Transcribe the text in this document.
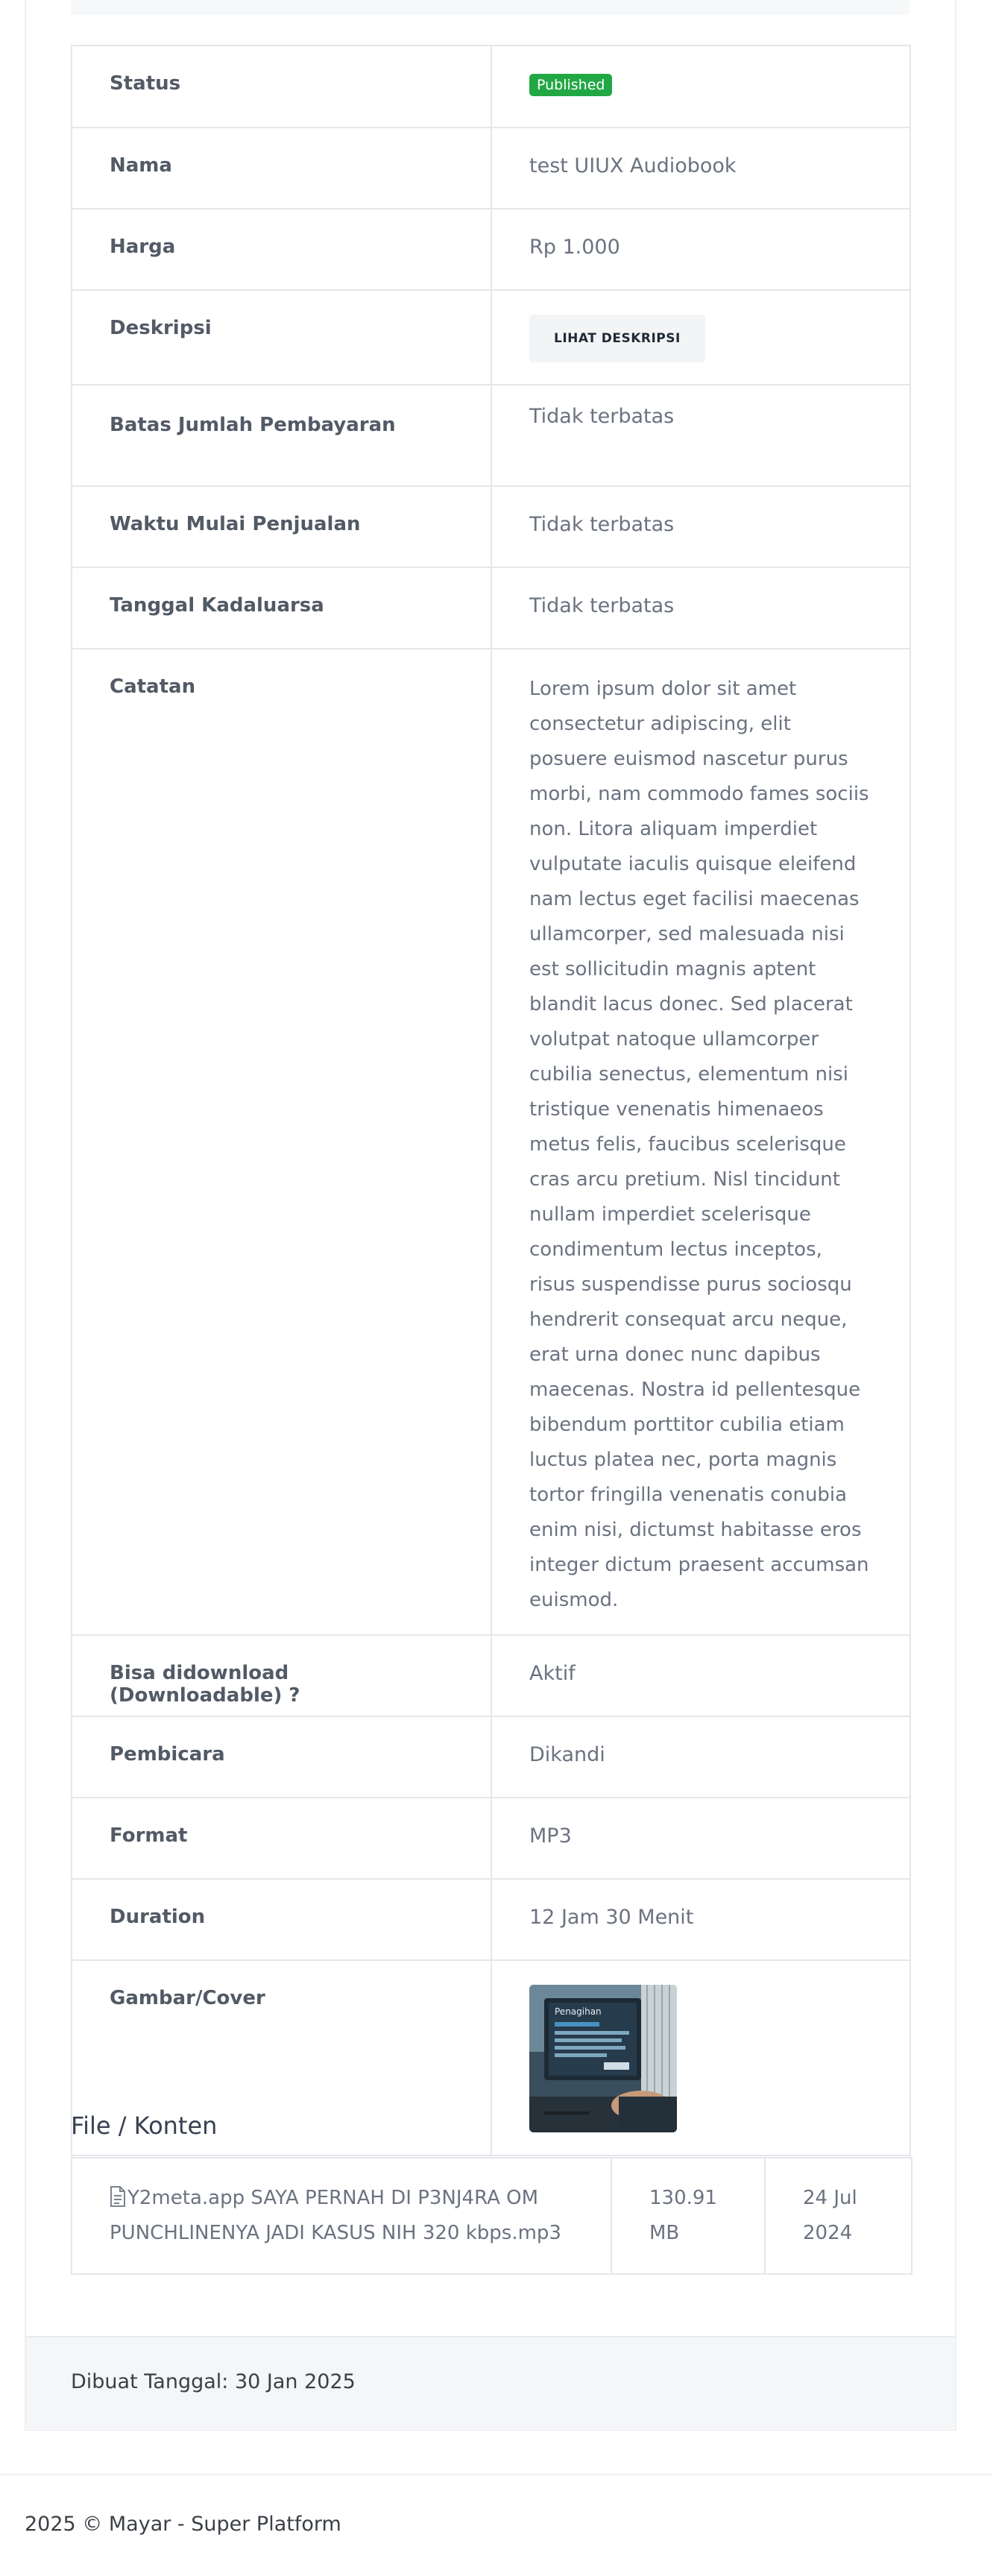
Status	Published

Nama	test UIUX Audiobook

Harga	Rp 1.000

Deskripsi	LIHAT DESKRIPSI

Batas Jumlah Pembayaran	Tidak terbatas

Waktu Mulai Penjualan	Tidak terbatas

Tanggal Kadaluarsa	Tidak terbatas

Catatan	Lorem ipsum dolor sit amet consectetur adipiscing, elit posuere euismod nascetur purus morbi, nam commodo fames sociis non. Litora aliquam imperdiet vulputate iaculis quisque eleifend nam lectus eget facilisi maecenas ullamcorper, sed malesuada nisi est sollicitudin magnis aptent blandit lacus donec. Sed placerat volutpat natoque ullamcorper cubilia senectus, elementum nisi tristique venenatis himenaeos metus felis, faucibus scelerisque cras arcu pretium. Nisl tincidunt nullam imperdiet scelerisque condimentum lectus inceptos, risus suspendisse purus sociosqu hendrerit consequat arcu neque, erat urna donec nunc dapibus maecenas. Nostra id pellentesque bibendum porttitor cubilia etiam luctus platea nec, porta magnis tortor fringilla venenatis conubia enim nisi, dictumst habitasse eros integer dictum praesent accumsan euismod.

Bisa didownload (Downloadable) ?	Aktif

Pembicara	Dikandi

Format	MP3

Duration	12 Jam 30 Menit

Gambar/Cover	Penagihan
File / Konten
Y2meta.app SAYA PERNAH DI P3NJ4RA OM PUNCHLINENYA JADI KASUS NIH 320 kbps.mp3	130.91 MB	24 Jul 2024
Dibuat Tanggal: 30 Jan 2025
2025 © Mayar - Super Platform
